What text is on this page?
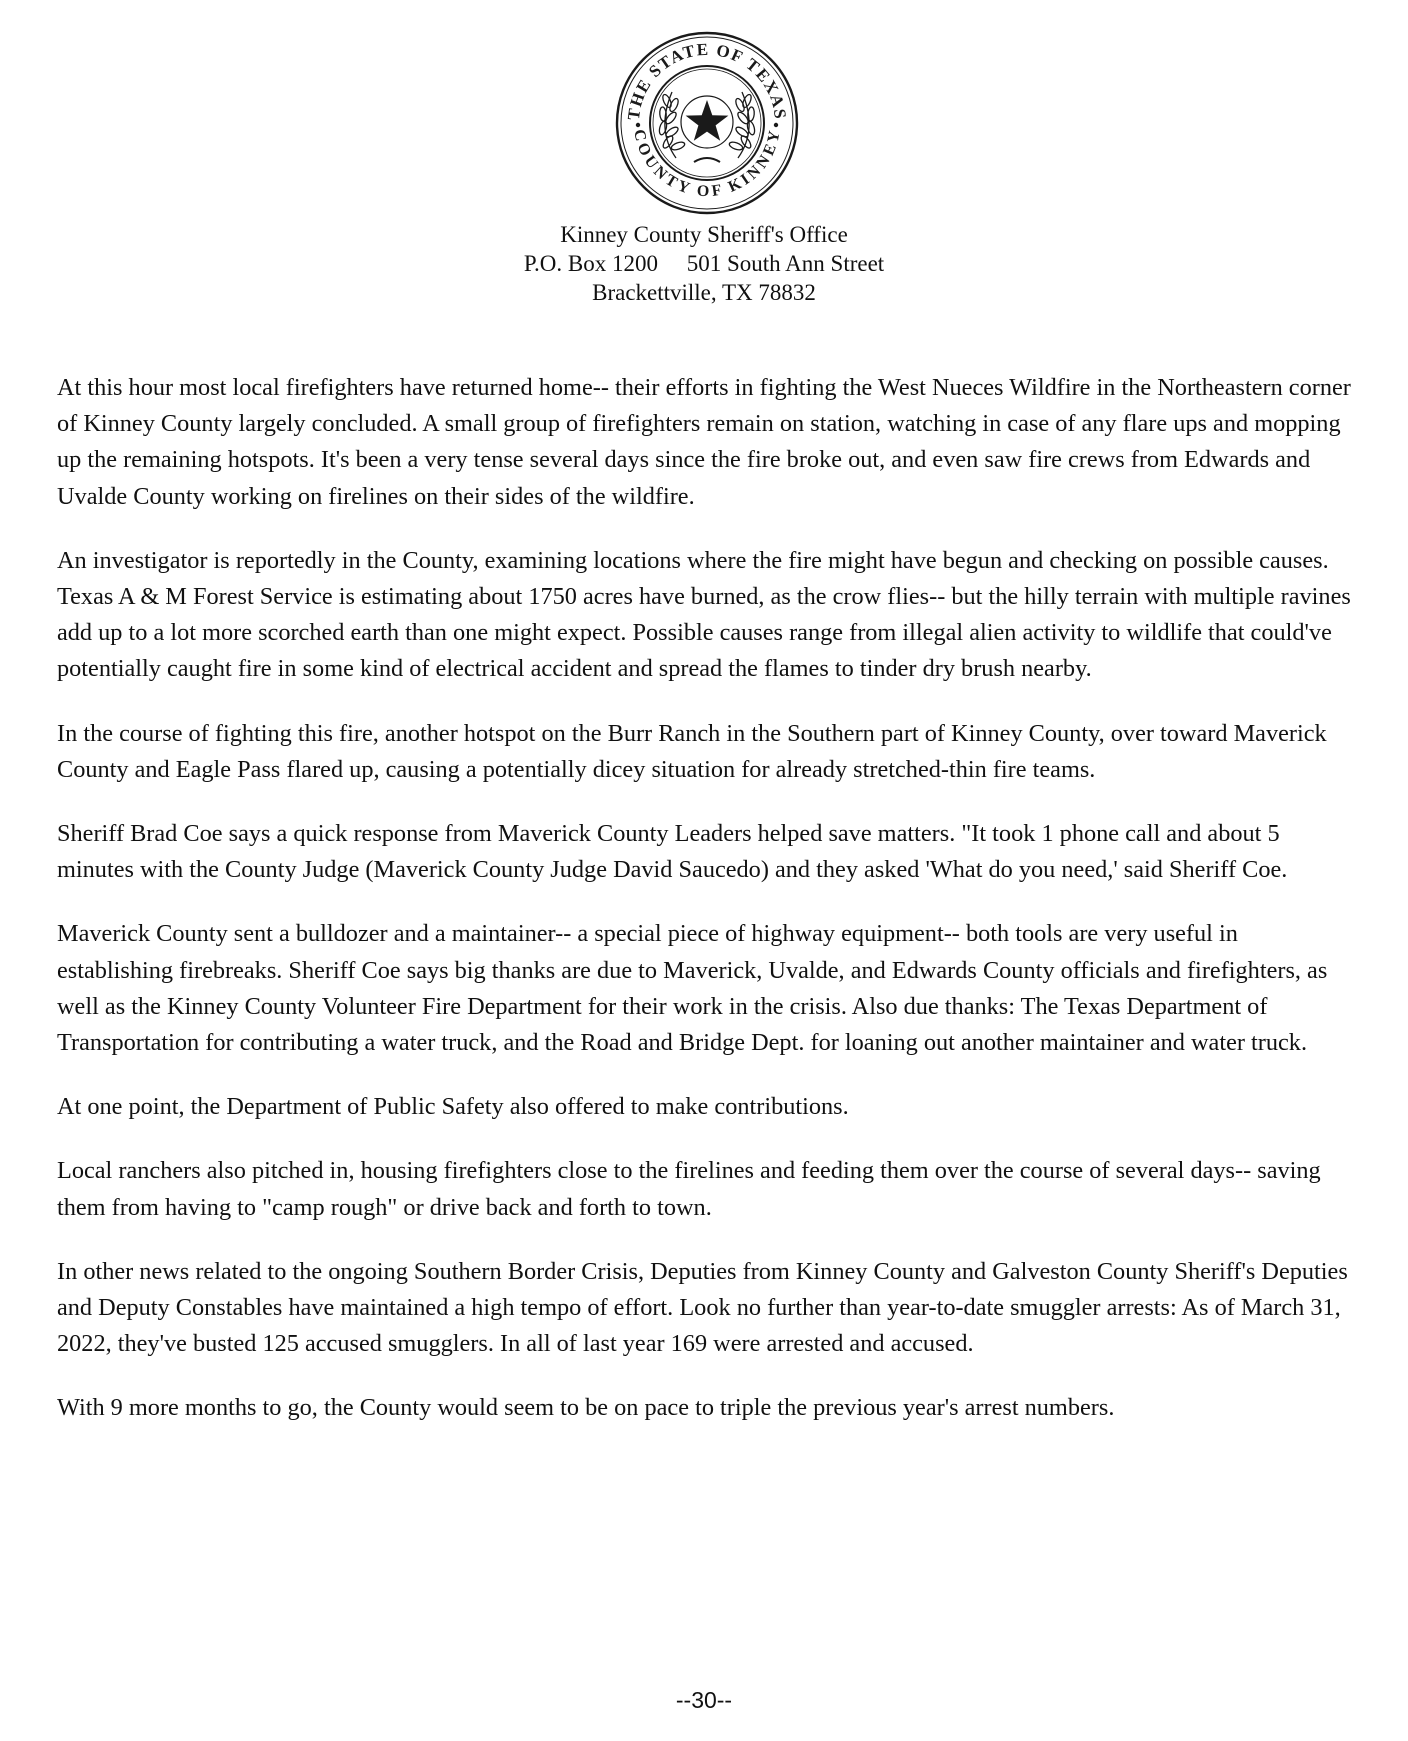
THE STATE OF TEXAS
COUNTY OF KINNEY
Kinney County Sheriff's Office
P.O. Box 1200     501 South Ann Street
Brackettville, TX 78832

At this hour most local firefighters have returned home-- their efforts in fighting the West Nueces Wildfire in the Northeastern corner of Kinney County largely concluded. A small group of firefighters remain on station, watching in case of any flare ups and mopping up the remaining hotspots. It's been a very tense several days since the fire broke out, and even saw fire crews from Edwards and Uvalde County working on firelines on their sides of the wildfire.

An investigator is reportedly in the County, examining locations where the fire might have begun and checking on possible causes. Texas A & M Forest Service is estimating about 1750 acres have burned, as the crow flies-- but the hilly terrain with multiple ravines add up to a lot more scorched earth than one might expect. Possible causes range from illegal alien activity to wildlife that could've potentially caught fire in some kind of electrical accident and spread the flames to tinder dry brush nearby.

In the course of fighting this fire, another hotspot on the Burr Ranch in the Southern part of Kinney County, over toward Maverick County and Eagle Pass flared up, causing a potentially dicey situation for already stretched-thin fire teams.

Sheriff Brad Coe says a quick response from Maverick County Leaders helped save matters. "It took 1 phone call and about 5 minutes with the County Judge (Maverick County Judge David Saucedo) and they asked 'What do you need,' said Sheriff Coe.

Maverick County sent a bulldozer and a maintainer-- a special piece of highway equipment-- both tools are very useful in establishing firebreaks. Sheriff Coe says big thanks are due to Maverick, Uvalde, and Edwards County officials and firefighters, as well as the Kinney County Volunteer Fire Department for their work in the crisis. Also due thanks: The Texas Department of Transportation for contributing a water truck, and the Road and Bridge Dept. for loaning out another maintainer and water truck.

At one point, the Department of Public Safety also offered to make contributions.

Local ranchers also pitched in, housing firefighters close to the firelines and feeding them over the course of several days-- saving them from having to "camp rough" or drive back and forth to town.

In other news related to the ongoing Southern Border Crisis, Deputies from Kinney County and Galveston County Sheriff's Deputies and Deputy Constables have maintained a high tempo of effort. Look no further than year-to-date smuggler arrests: As of March 31, 2022, they've busted 125 accused smugglers. In all of last year 169 were arrested and accused.

With 9 more months to go, the County would seem to be on pace to triple the previous year's arrest numbers.

--30--
